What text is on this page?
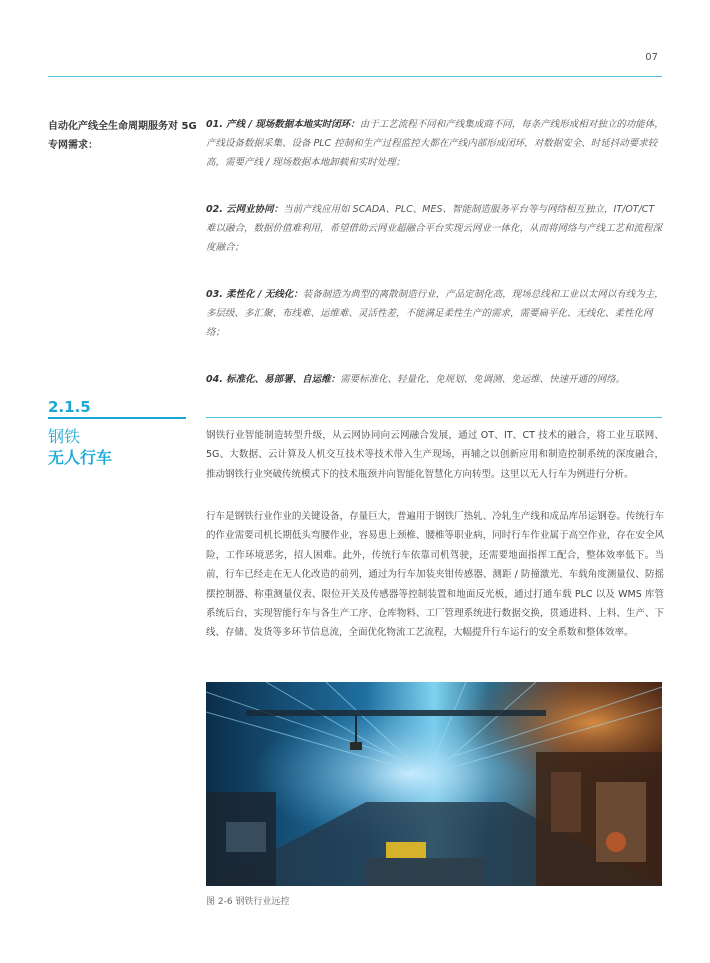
07
自动化产线全生命周期服务对 5G 专网需求：

01. 产线 / 现场数据本地实时闭环：由于工艺流程不同和产线集成商不同，每条产线形成相对独立的功能体，产线设备数据采集、设备 PLC 控制和生产过程监控大都在产线内部形成闭环，对数据安全、时延抖动要求较高，需要产线 / 现场数据本地卸载和实时处理；

02. 云网业协同：当前产线应用如 SCADA、PLC、MES、智能制造服务平台等与网络相互独立，IT/OT/CT 难以融合，数据价值难利用，希望借助云网业超融合平台实现云网业一体化，从而将网络与产线工艺和流程深度融合；

03. 柔性化 / 无线化：装备制造为典型的离散制造行业，产品定制化高，现场总线和工业以太网以有线为主，多层级、多汇聚、布线难、运维难、灵活性差，不能满足柔性生产的需求，需要扁平化、无线化、柔性化网络；

04. 标准化、易部署、自运维：需要标准化、轻量化、免规划、免调测、免运维、快速开通的网络。

2.1.5
钢铁
无人行车
钢铁行业智能制造转型升级，从云网协同向云网融合发展，通过 OT、IT、CT 技术的融合，将工业互联网、5G、大数据、云计算及人机交互技术等技术带入生产现场，再辅之以创新应用和制造控制系统的深度融合，推动钢铁行业突破传统模式下的技术瓶颈并向智能化智慧化方向转型。这里以无人行车为例进行分析。
行车是钢铁行业作业的关键设备，存量巨大，普遍用于钢铁厂热轧、冷轧生产线和成品库吊运钢卷。传统行车的作业需要司机长期低头弯腰作业，容易患上颈椎、腰椎等职业病，同时行车作业属于高空作业，存在安全风险，工作环境恶劣，招人困难。此外，传统行车依靠司机驾驶，还需要地面指挥工配合，整体效率低下。当前，行车已经走在无人化改造的前列，通过为行车加装夹钳传感器、测距 / 防撞激光、车载角度测量仪、防摇摆控制器、称重测量仪表、限位开关及传感器等控制装置和地面反光板，通过打通车载 PLC 以及 WMS 库管系统后台，实现智能行车与各生产工序、仓库物料、工厂管理系统进行数据交换，贯通进料、上料、生产、下线、存储、发货等多环节信息流，全面优化物流工艺流程，大幅提升行车运行的安全系数和整体效率。
图 2-6 钢铁行业远控
